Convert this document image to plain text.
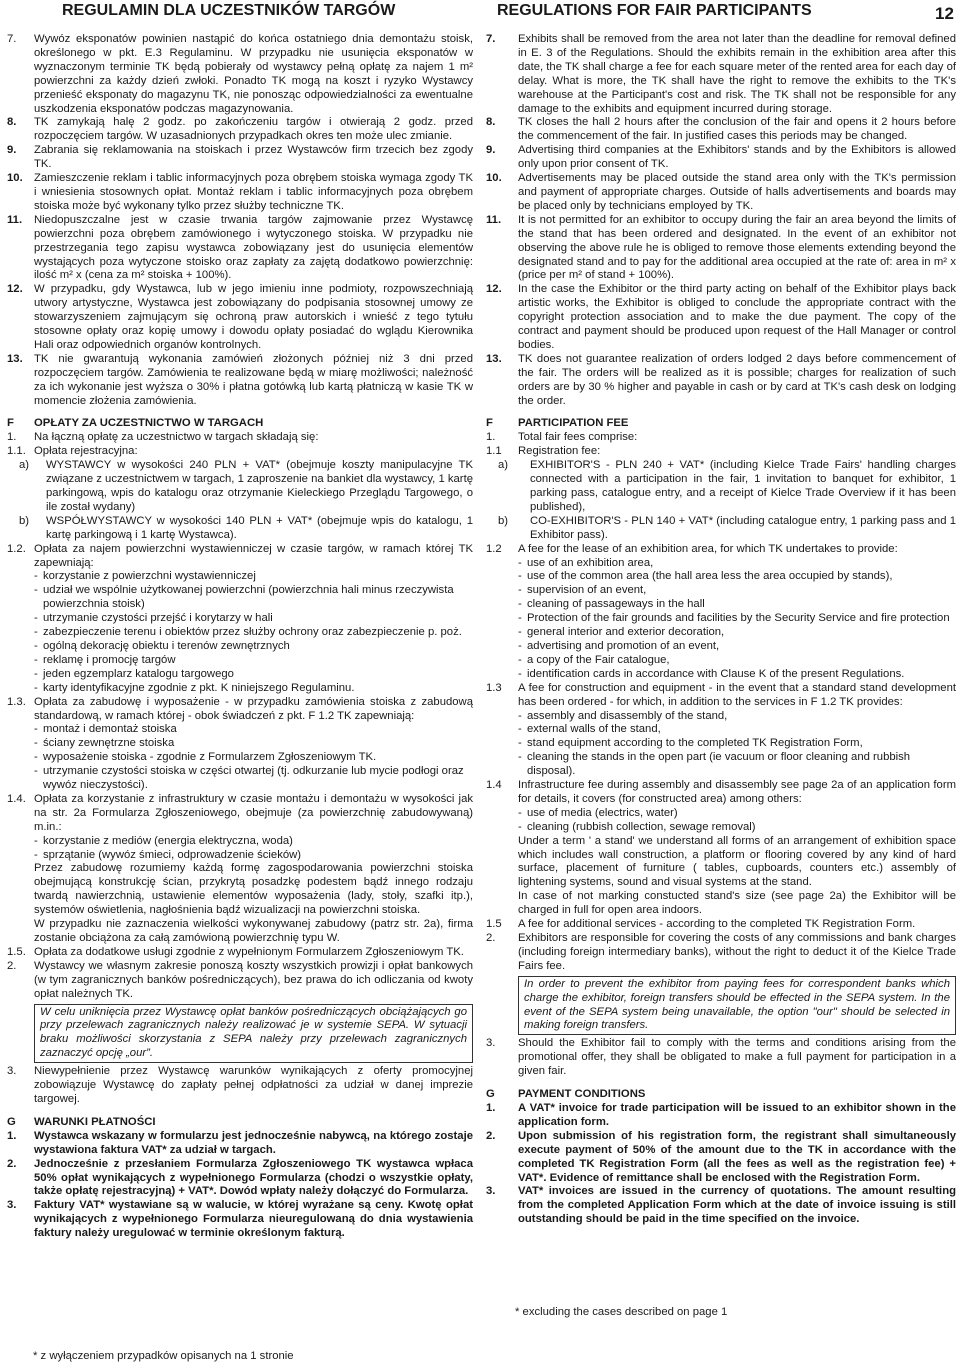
REGULAMIN DLA UCZESTNIKÓW TARGÓW	REGULATIONS FOR FAIR PARTICIPANTS	12
7.	Wywóz eksponatów powinien nastąpić do końca ostatniego dnia demontażu stoisk, określonego w pkt. E.3 Regulaminu. W przypadku nie usunięcia eksponatów w wyznaczonym terminie TK będą pobierały od wystawcy pełną opłatę za najem 1 m² powierzchni za każdy dzień zwłoki. Ponadto TK mogą na koszt i ryzyko Wystawcy przenieść eksponaty do magazynu TK, nie ponosząc odpowiedzialności za ewentualne uszkodzenia eksponatów podczas magazynowania.
8.	TK zamykają halę 2 godz. po zakończeniu targów i otwierają 2 godz. przed rozpoczęciem targów. W uzasadnionych przypadkach okres ten może ulec zmianie.
9.	Zabrania się reklamowania na stoiskach i przez Wystawców firm trzecich bez zgody TK.
10. Zamieszczenie reklam i tablic informacyjnych poza obrębem stoiska wymaga zgody TK i wniesienia stosownych opłat. Montaż reklam i tablic informacyjnych poza obrębem stoiska może być wykonany tylko przez służby techniczne TK.
11.	Niedopuszczalne jest w czasie trwania targów zajmowanie przez Wystawcę powierzchni poza obrębem zamówionego i wytyczonego stoiska. W przypadku nie przestrzegania tego zapisu wystawca zobowiązany jest do usunięcia elementów wystających poza wytyczone stoisko oraz zapłaty za zajętą dodatkowo powierzchnię: ilość m² x (cena za m² stoiska + 100%).
12. W przypadku, gdy Wystawca, lub w jego imieniu inne podmioty, rozpowszechniają utwory artystyczne, Wystawca jest zobowiązany do podpisania stosownej umowy ze stowarzyszeniem zajmującym się ochroną praw autorskich i wnieść z tego tytułu stosowne opłaty oraz kopię umowy i dowodu opłaty posiadać do wglądu Kierownika Hali oraz odpowiednich organów kontrolnych.
13. TK nie gwarantują wykonania zamówień złożonych później niż 3 dni przed rozpoczęciem targów. Zamówienia te realizowane będą w miarę możliwości; należność za ich wykonanie jest wyższa o 30% i płatna gotówką lub kartą płatniczą w kasie TK w momencie złożenia zamówienia.
F	OPŁATY ZA UCZESTNICTWO W TARGACH
1.	Na łączną opłatę za uczestnictwo w targach składają się:
1.1. Opłata rejestracyjna:
a)	WYSTAWCY w wysokości 240 PLN + VAT* (obejmuje koszty manipulacyjne TK związane z uczestnictwem w targach, 1 zaproszenie na bankiet dla wystawcy, 1 kartę parkingową, wpis do katalogu oraz otrzymanie Kieleckiego Przeglądu Targowego, o ile został wydany)
b)	WSPÓŁWYSTAWCY w wysokości 140 PLN + VAT* (obejmuje wpis do katalogu, 1 kartę parkingową i 1 kartę Wystawca).
1.2. Opłata za najem powierzchni wystawienniczej w czasie targów, w ramach której TK zapewniają:
- korzystanie z powierzchni wystawienniczej
- udział we wspólnie użytkowanej powierzchni (powierzchnia hali minus rzeczywista powierzchnia stoisk)
- utrzymanie czystości przejść i korytarzy w hali
- zabezpieczenie terenu i obiektów przez służby ochrony oraz zabezpieczenie p. poż.
- ogólną dekorację obiektu i terenów zewnętrznych
- reklamę i promocję targów
- jeden egzemplarz katalogu targowego
- karty identyfikacyjne zgodnie z pkt. K niniejszego Regulaminu.
1.3. Opłata za zabudowę i wyposażenie - w przypadku zamówienia stoiska z zabudową standardową, w ramach której - obok świadczeń z pkt. F 1.2 TK zapewniają:
- montaż i demontaż stoiska
- ściany zewnętrzne stoiska
- wyposażenie stoiska - zgodnie z Formularzem Zgłoszeniowym TK.
- utrzymanie czystości stoiska w części otwartej (tj. odkurzanie lub mycie podłogi oraz wywóz nieczystości).
1.4. Opłata za korzystanie z infrastruktury w czasie montażu i demontażu w wysokości jak na str. 2a Formularza Zgłoszeniowego, obejmuje (za powierzchnię zabudowywaną) m.in.:
- korzystanie z mediów (energia elektryczna, woda)
- sprzątanie (wywóz śmieci, odprowadzenie ścieków)
Przez zabudowę rozumiemy każdą formę zagospodarowania powierzchni stoiska obejmującą konstrukcję ścian, przykrytą posadzkę podestem bądź innego rodzaju twardą nawierzchnią, ustawienie elementów wyposażenia (lady, stoły, szafki itp.), systemów oświetlenia, nagłośnienia bądź wizualizacji na powierzchni stoiska.
W przypadku nie zaznaczenia wielkości wykonywanej zabudowy (patrz str. 2a), firma zostanie obciążona za całą zamówioną powierzchnię typu W.
1.5. Opłata za dodatkowe usługi zgodnie z wypełnionym Formularzem Zgłoszeniowym TK.
2.	Wystawcy we własnym zakresie ponoszą koszty wszystkich prowizji i opłat bankowych (w tym zagranicznych banków pośredniczących), bez prawa do ich odliczania od kwoty opłat należnych TK.
W celu uniknięcia przez Wystawcę opłat banków pośredniczących obciążających go przy przelewach zagranicznych należy realizować je w systemie SEPA. W sytuacji braku możliwości skorzystania z SEPA należy przy przelewach zagranicznych zaznaczyć opcję „our”.
3.	Niewypełnienie przez Wystawcę warunków wynikających z oferty promocyjnej zobowiązuje Wystawcę do zapłaty pełnej odpłatności za udział w danej imprezie targowej.
G	WARUNKI PŁATNOŚCI
1.	Wystawca wskazany w formularzu jest jednocześnie nabywcą, na którego zostaje wystawiona faktura VAT* za udział w targach.
2.	Jednocześnie z przesłaniem Formularza Zgłoszeniowego TK wystawca wpłaca 50% opłat wynikających z wypełnionego Formularza (chodzi o wszystkie opłaty, także opłatę rejestracyjną) + VAT*. Dowód wpłaty należy dołączyć do Formularza.
3.	Faktury VAT* wystawiane są w walucie, w której wyrażane są ceny. Kwotę opłat wynikających z wypełnionego Formularza nieuregulowaną do dnia wystawienia faktury należy uregulować w terminie określonym fakturą.
7.	Exhibits shall be removed from the area not later than the deadline for removal defined in E. 3 of the Regulations. Should the exhibits remain in the exhibition area after this date, the TK shall charge a fee for each square meter of the rented area for each day of delay. What is more, the TK shall have the right to remove the exhibits to the TK's warehouse at the Participant's cost and risk. The TK shall not be responsible for any damage to the exhibits and equipment incurred during storage.
8.	TK closes the hall 2 hours after the conclusion of the fair and opens it 2 hours before the commencement of the fair. In justified cases this periods may be changed.
9.	Advertising third companies at the Exhibitors' stands and by the Exhibitors is allowed only upon prior consent of TK.
10.	Advertisements may be placed outside the stand area only with the TK's permission and payment of appropriate charges. Outside of halls advertisements and boards may be placed only by technicians employed by TK.
11.	It is not permitted for an exhibitor to occupy during the fair an area beyond the limits of the stand that has been ordered and designated. In the event of an exhibitor not observing the above rule he is obliged to remove those elements extending beyond the designated stand and to pay for the additional area occupied at the rate of: area in m² x (price per m² of stand + 100%).
12.	In the case the Exhibitor or the third party acting on behalf of the Exhibitor plays back artistic works, the Exhibitor is obliged to conclude the appropriate contract with the copyright protection association and to make the due payment. The copy of the contract and payment should be produced upon request of the Hall Manager or control bodies.
13.	TK does not guarantee realization of orders lodged 2 days before commencement of the fair. The orders will be realized as it is possible; charges for realization of such orders are by 30 % higher and payable in cash or by card at TK's cash desk on lodging the order.
F	PARTICIPATION FEE
1.	Total fair fees comprise:
1.1	Registration fee:
a)	EXHIBITOR'S - PLN 240 + VAT* (including Kielce Trade Fairs' handling charges connected with a participation in the fair, 1 invitation to banquet for exhibitor, 1 parking pass, catalogue entry, and a receipt of Kielce Trade Overview if it has been published),
b)	CO-EXHIBITOR'S - PLN 140 + VAT* (including catalogue entry, 1 parking pass and 1 Exhibitor pass).
1.2	A fee for the lease of an exhibition area, for which TK undertakes to provide:
- use of an exhibition area,
- use of the common area (the hall area less the area occupied by stands),
- supervision of an event,
- cleaning of passageways in the hall
- Protection of the fair grounds and facilities by the Security Service and fire protection
- general interior and exterior decoration,
- advertising and promotion of an event,
- a copy of the Fair catalogue,
- identification cards in accordance with Clause K of the present Regulations.
1.3	A fee for construction and equipment - in the event that a standard stand development has been ordered - for which, in addition to the services in F 1.2 TK provides:
- assembly and disassembly of the stand,
- external walls of the stand,
- stand equipment according to the completed TK Registration Form,
- cleaning the stands in the open part (ie vacuum or floor cleaning and rubbish disposal).
1.4	Infrastructure fee during assembly and disassembly see page 2a of an application form for details, it covers (for constructed area) among others:
- use of media (electrics, water)
- cleaning (rubbish collection, sewage removal)
Under a term ' a stand' we understand all forms of an arrangement of exhibition space which includes wall construction, a platform or flooring covered by any kind of hard surface, placement of furniture ( tables, cupboards, counters etc.) assembly of lightening systems, sound and visual systems at the stand.
In case of not marking constucted stand's size (see page 2a) the Exhibitor will be charged in full for open area indoors.
1.5	A fee for additional services - according to the completed TK Registration Form.
2.	Exhibitors are responsible for covering the costs of any commissions and bank charges (including foreign intermediary banks), without the right to deduct it of the Kielce Trade Fairs fee.
In order to prevent the exhibitor from paying fees for correspondent banks which charge the exhibitor, foreign transfers should be effected in the SEPA system. In the event of the SEPA system being unavailable, the option "our" should be selected in making foreign transfers.
3.	Should the Exhibitor fail to comply with the terms and conditions arising from the promotional offer, they shall be obligated to make a full payment for participation in a given fair.
G	PAYMENT CONDITIONS
1.	A VAT* invoice for trade participation will be issued to an exhibitor shown in the application form.
2.	Upon submission of his registration form, the registrant shall simultaneously execute payment of 50% of the amount due to the TK in accordance with the completed TK Registration Form (all the fees as well as the registration fee) + VAT*. Evidence of remittance shall be enclosed with the Registration Form.
3.	VAT* invoices are issued in the currency of quotations. The amount resulting from the completed Application Form which at the date of invoice issuing is still outstanding should be paid in the time specified on the invoice.
* z wyłączeniem przypadków opisanych na 1 stronie
* excluding the cases described on page 1
